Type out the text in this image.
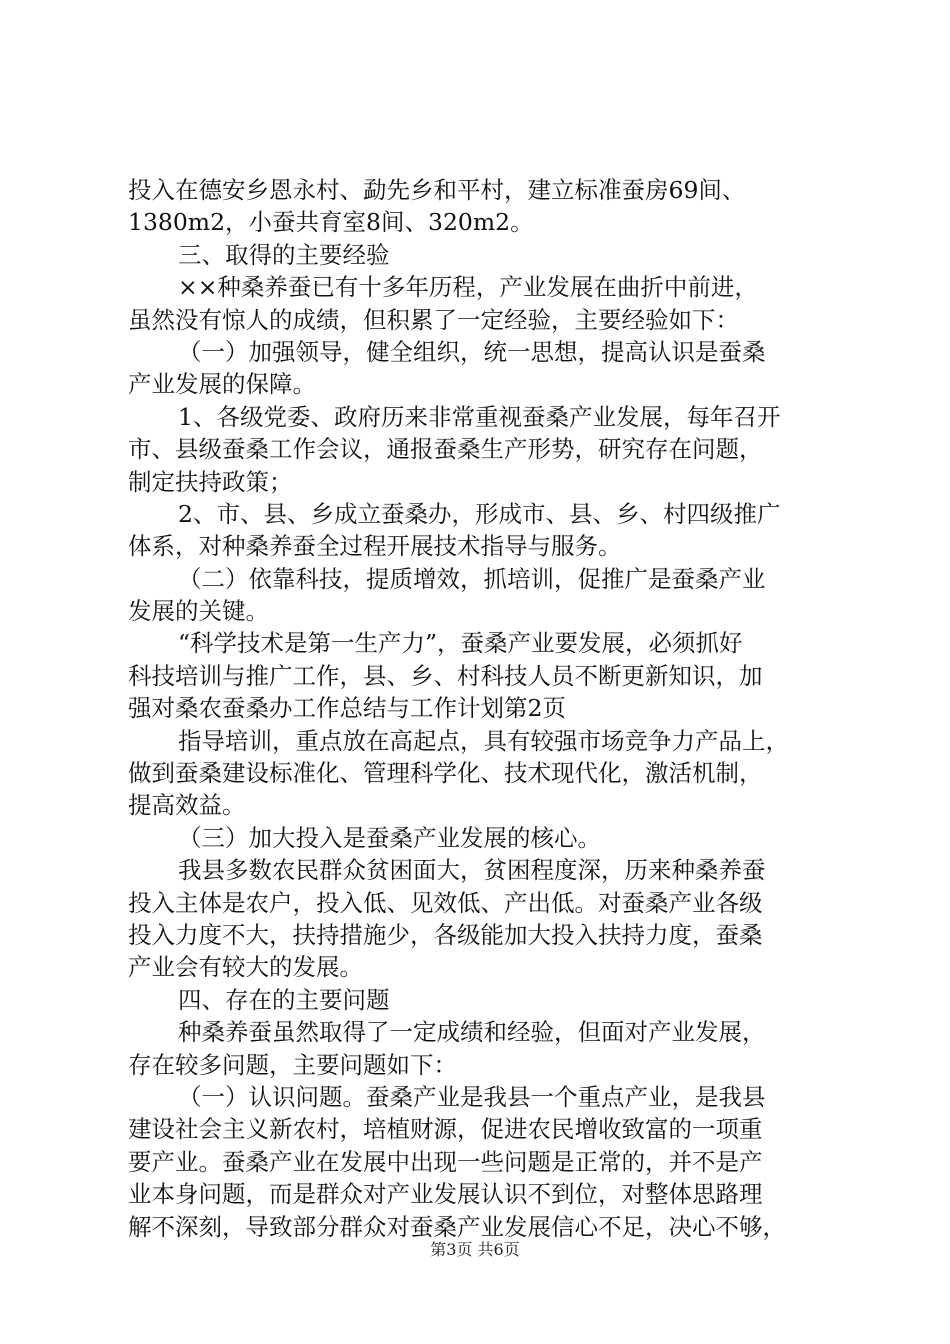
投入在德安乡恩永村、勐先乡和平村，建立标准蚕房69间、
1380m2，小蚕共育室8间、320m2。
三、取得的主要经验
××种桑养蚕已有十多年历程，产业发展在曲折中前进，
虽然没有惊人的成绩，但积累了一定经验，主要经验如下：
（一）加强领导，健全组织，统一思想，提高认识是蚕桑
产业发展的保障。
1、各级党委、政府历来非常重视蚕桑产业发展，每年召开
市、县级蚕桑工作会议，通报蚕桑生产形势，研究存在问题，
制定扶持政策；
2、市、县、乡成立蚕桑办，形成市、县、乡、村四级推广
体系，对种桑养蚕全过程开展技术指导与服务。
（二）依靠科技，提质增效，抓培训，促推广是蚕桑产业
发展的关键。
“科学技术是第一生产力”，蚕桑产业要发展，必须抓好
科技培训与推广工作，县、乡、村科技人员不断更新知识，加
强对桑农蚕桑办工作总结与工作计划第2页
指导培训，重点放在高起点，具有较强市场竞争力产品上，
做到蚕桑建设标准化、管理科学化、技术现代化，激活机制，
提高效益。
（三）加大投入是蚕桑产业发展的核心。
我县多数农民群众贫困面大，贫困程度深，历来种桑养蚕
投入主体是农户，投入低、见效低、产出低。对蚕桑产业各级
投入力度不大，扶持措施少，各级能加大投入扶持力度，蚕桑
产业会有较大的发展。
四、存在的主要问题
种桑养蚕虽然取得了一定成绩和经验，但面对产业发展，
存在较多问题，主要问题如下：
（一）认识问题。蚕桑产业是我县一个重点产业，是我县
建设社会主义新农村，培植财源，促进农民增收致富的一项重
要产业。蚕桑产业在发展中出现一些问题是正常的，并不是产
业本身问题，而是群众对产业发展认识不到位，对整体思路理
解不深刻，导致部分群众对蚕桑产业发展信心不足，决心不够，
第3页 共6页
